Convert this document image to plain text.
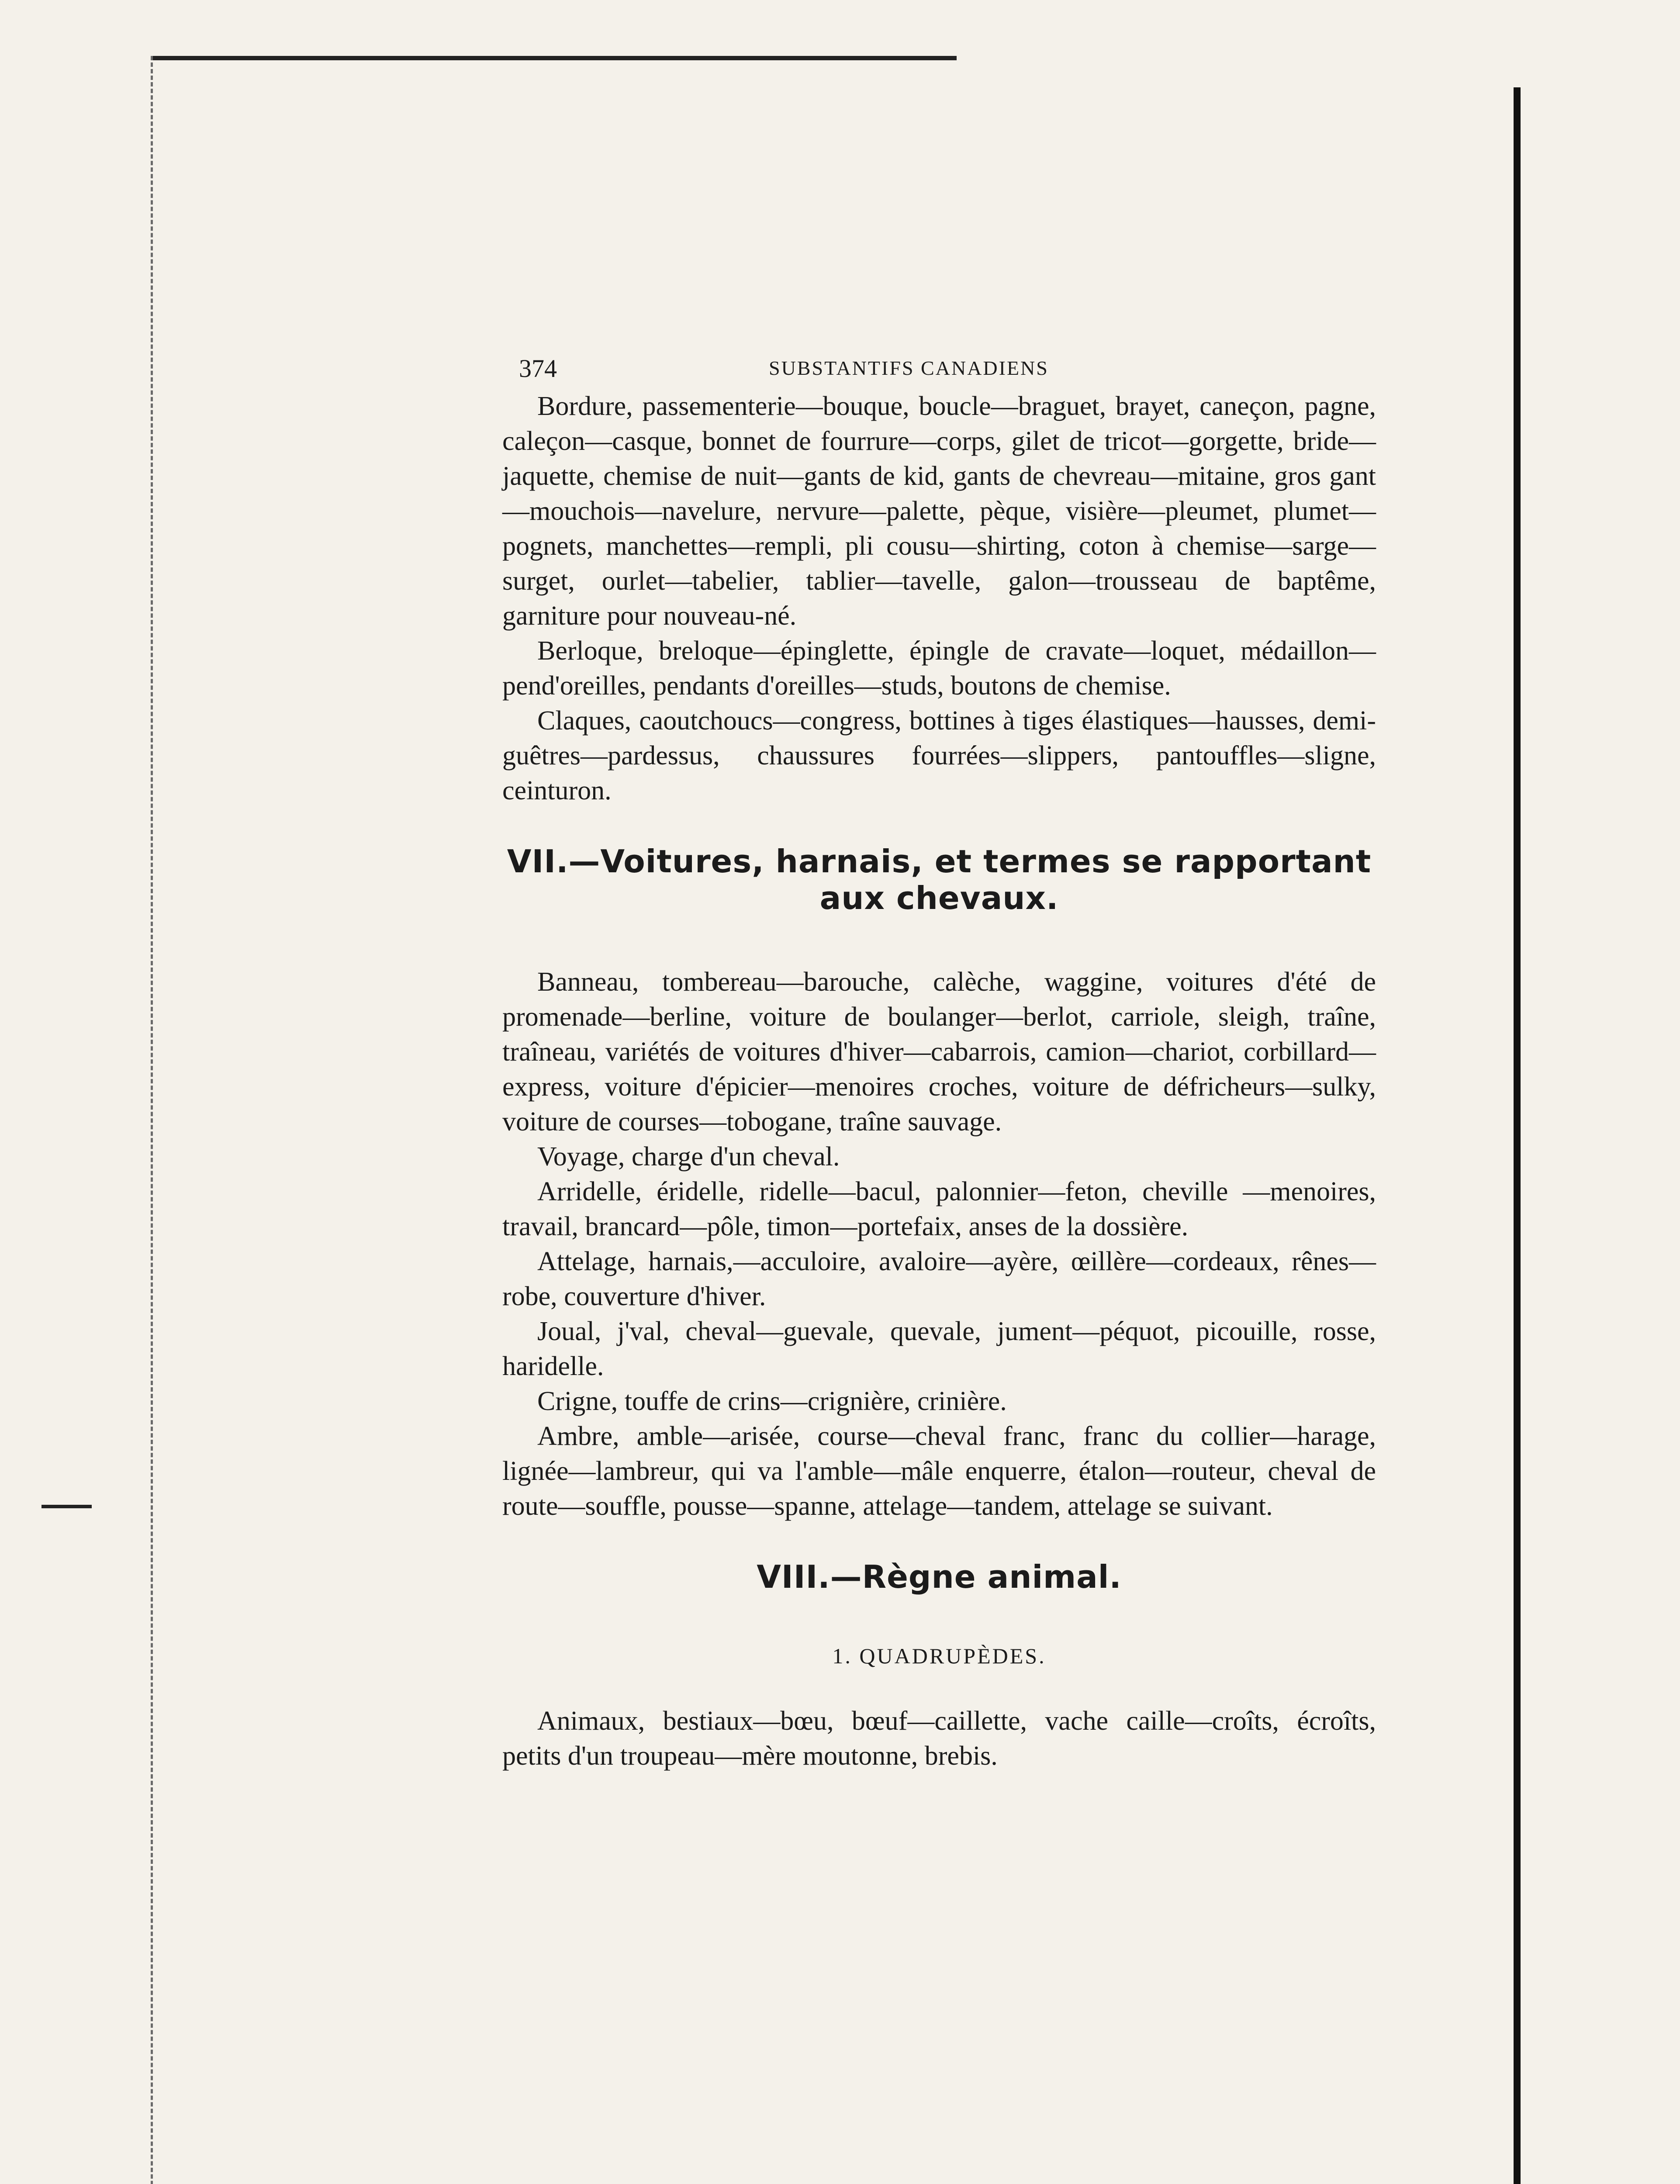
374	SUBSTANTIFS CANADIENS

Bordure, passementerie—bouque, boucle—braguet, brayet, caneçon, pagne, caleçon—casque, bonnet de fourrure—corps, gilet de tricot—gorgette, bride—jaquette, chemise de nuit—gants de kid, gants de chevreau—mitaine, gros gant—mouchois—navelure, nervure—palette, pèque, visière—pleumet, plumet—pognets, manchettes—rempli, pli cousu—shirting, coton à chemise—sarge—surget, ourlet—tabelier, tablier—tavelle, galon—trousseau de baptême, garniture pour nouveau-né.

Berloque, breloque—épinglette, épingle de cravate—loquet, médaillon—pend'oreilles, pendants d'oreilles—studs, boutons de chemise.

Claques, caoutchoucs—congress, bottines à tiges élastiques—hausses, demi-guêtres—pardessus, chaussures fourrées—slippers, pantouffles—sligne, ceinturon.

VII.—Voitures, harnais, et termes se rapportant
aux chevaux.

Banneau, tombereau—barouche, calèche, waggine, voitures d'été de promenade—berline, voiture de boulanger—berlot, carriole, sleigh, traîne, traîneau, variétés de voitures d'hiver—cabarrois, camion—chariot, corbillard—express, voiture d'épicier—menoires croches, voiture de défricheurs—sulky, voiture de courses—tobogane, traîne sauvage.

Voyage, charge d'un cheval.

Arridelle, éridelle, ridelle—bacul, palonnier—feton, cheville —menoires, travail, brancard—pôle, timon—portefaix, anses de la dossière.

Attelage, harnais,—acculoire, avaloire—ayère, œillère—cordeaux, rênes—robe, couverture d'hiver.

Joual, j'val, cheval—guevale, quevale, jument—péquot, picouille, rosse, haridelle.

Crigne, touffe de crins—crignière, crinière.

Ambre, amble—arisée, course—cheval franc, franc du collier—harage, lignée—lambreur, qui va l'amble—mâle enquerre, étalon—routeur, cheval de route—souffle, pousse—spanne, attelage—tandem, attelage se suivant.

VIII.—Règne animal.
1. QUADRUPÈDES.

Animaux, bestiaux—bœu, bœuf—caillette, vache caille—croîts, écroîts, petits d'un troupeau—mère moutonne, brebis.
